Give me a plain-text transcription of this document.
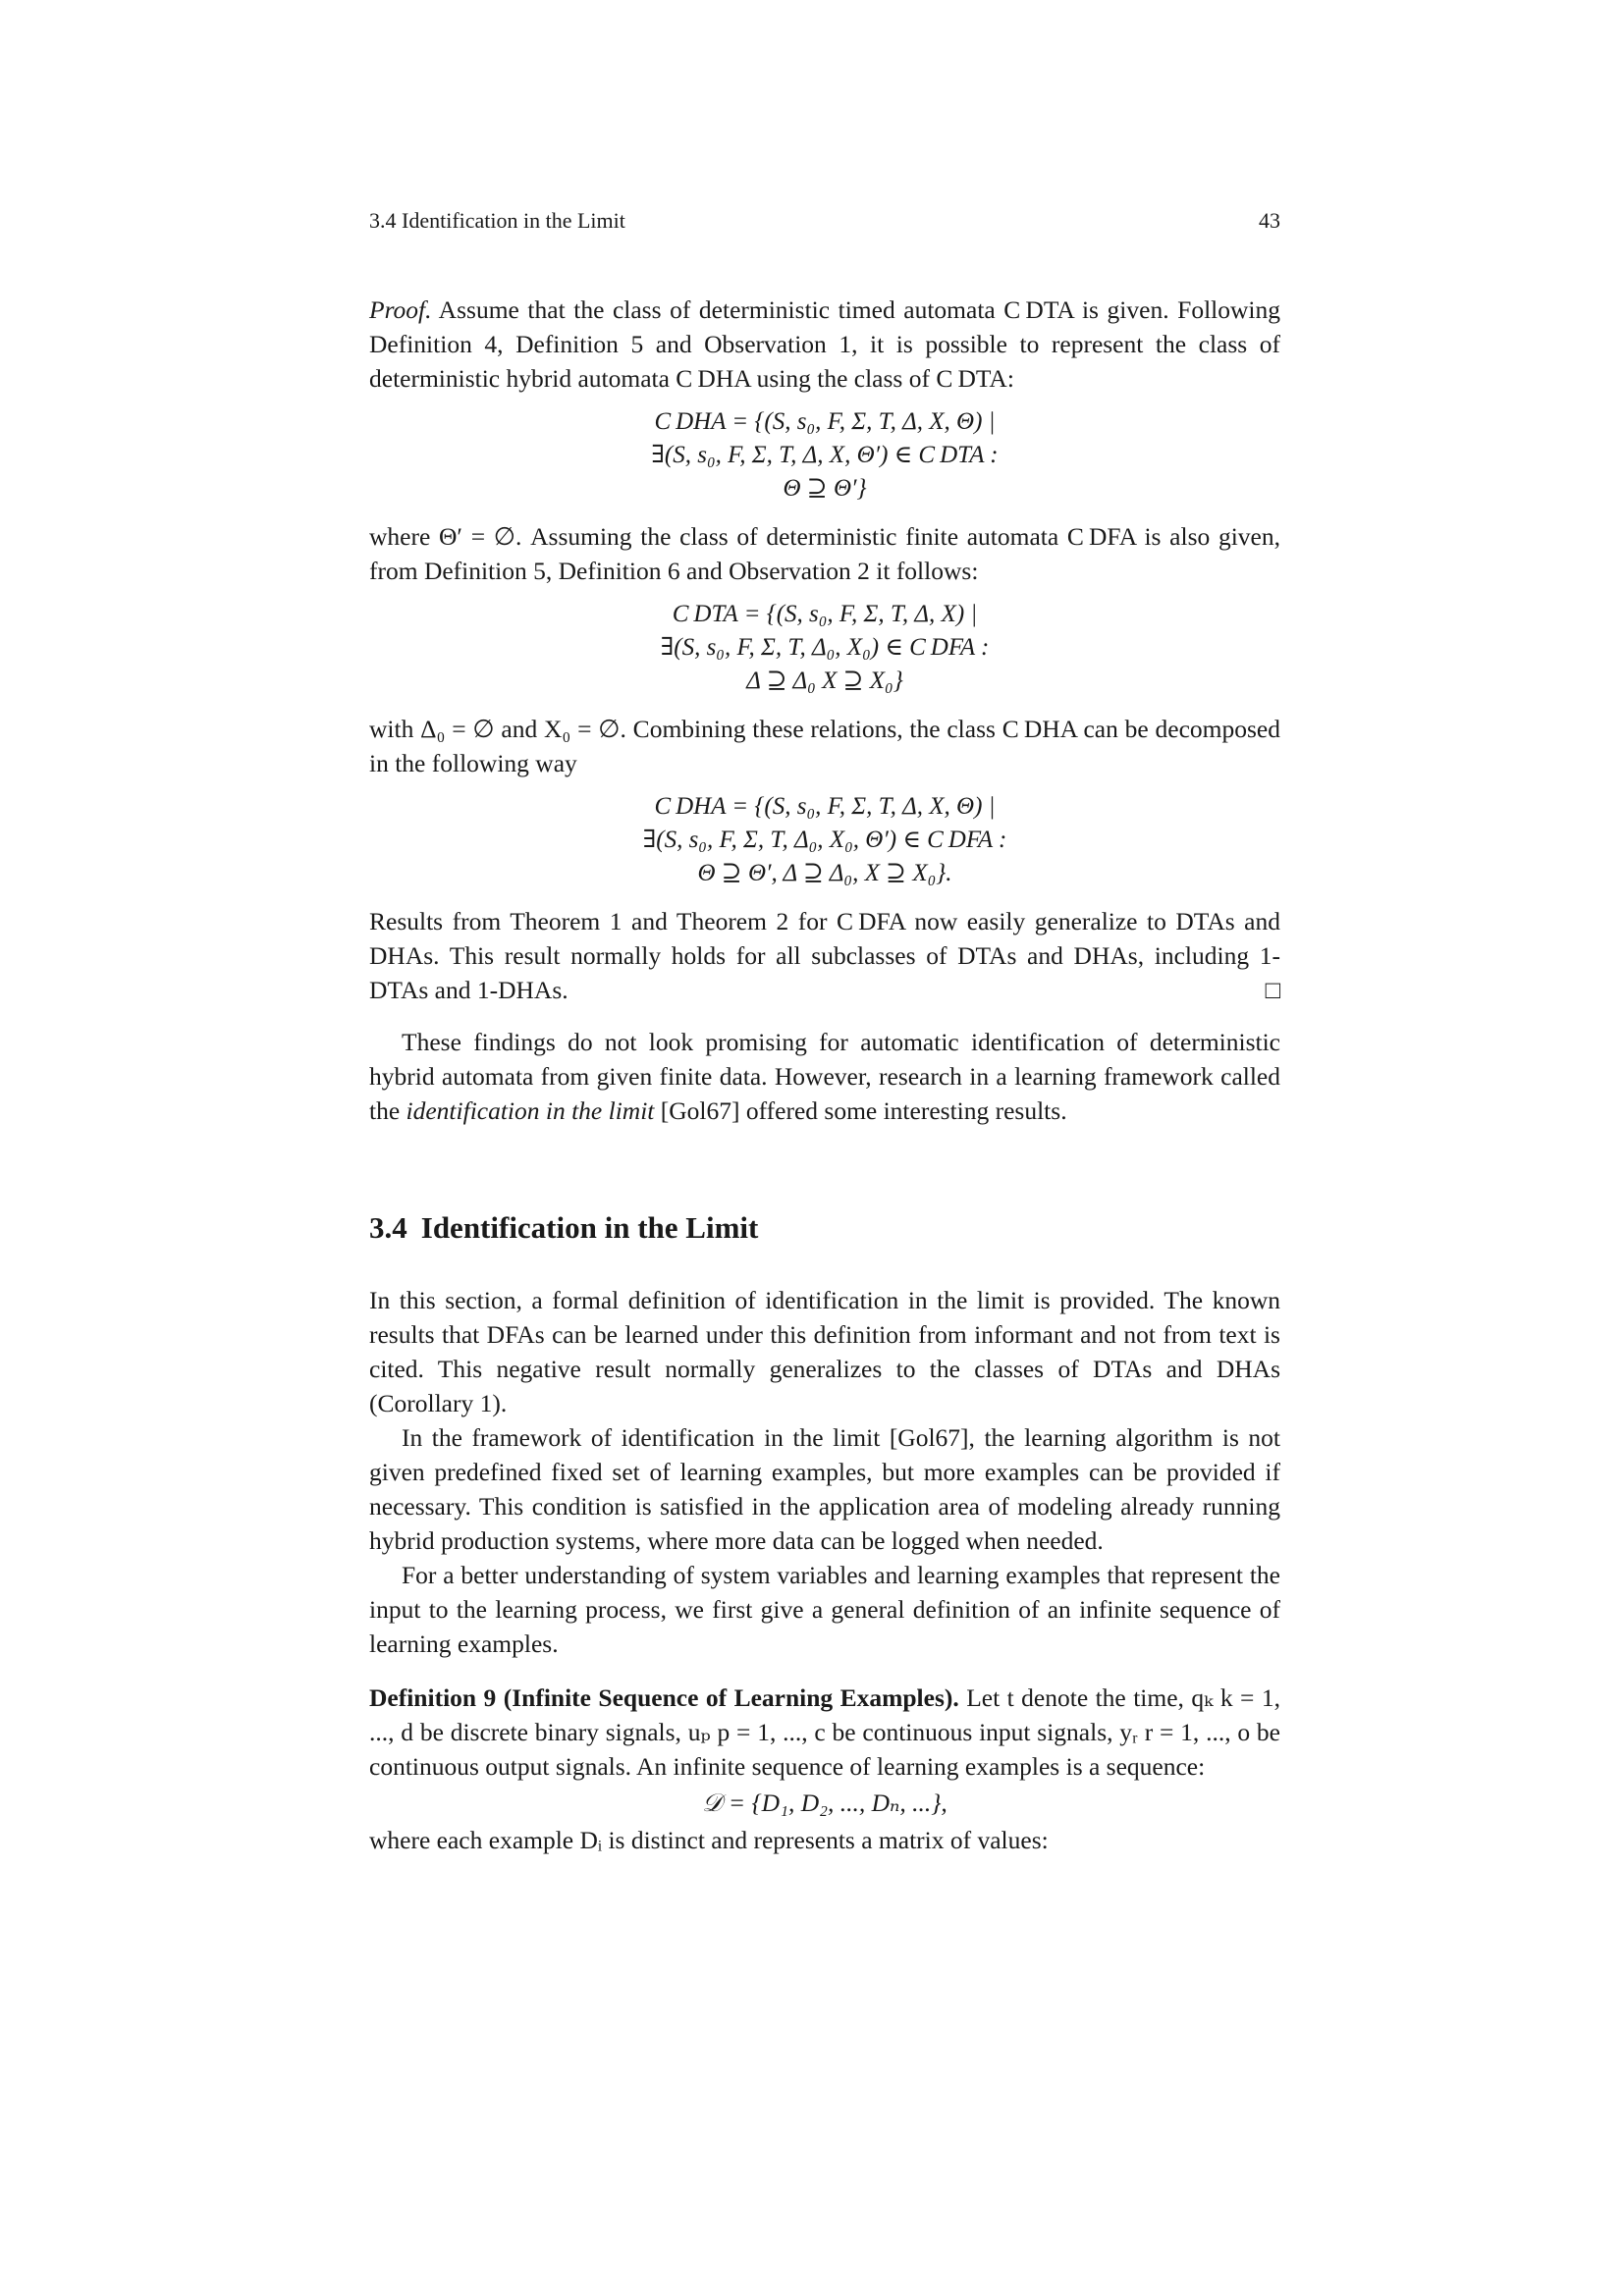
3.4 Identification in the Limit	43

Proof. Assume that the class of deterministic timed automata C DTA is given. Following Definition 4, Definition 5 and Observation 1, it is possible to represent the class of deterministic hybrid automata C DHA using the class of C DTA:

C DHA = {(S, s₀, F, Σ, T, Δ, X, Θ) |
∃(S, s₀, F, Σ, T, Δ, X, Θ′) ∈ C DTA :
Θ ⊇ Θ′}

where Θ′ = ∅. Assuming the class of deterministic finite automata C DFA is also given, from Definition 5, Definition 6 and Observation 2 it follows:

C DTA = {(S, s₀, F, Σ, T, Δ, X) |
∃(S, s₀, F, Σ, T, Δ₀, X₀) ∈ C DFA :
Δ ⊇ Δ₀ X ⊇ X₀}

with Δ₀ = ∅ and X₀ = ∅. Combining these relations, the class C DHA can be decomposed in the following way

C DHA = {(S, s₀, F, Σ, T, Δ, X, Θ) |
∃(S, s₀, F, Σ, T, Δ₀, X₀, Θ′) ∈ C DFA :
Θ ⊇ Θ′, Δ ⊇ Δ₀, X ⊇ X₀}.

Results from Theorem 1 and Theorem 2 for C DFA now easily generalize to DTAs and DHAs. This result normally holds for all subclasses of DTAs and DHAs, including 1-DTAs and 1-DHAs.	□

These findings do not look promising for automatic identification of deterministic hybrid automata from given finite data. However, research in a learning framework called the identification in the limit [Gol67] offered some interesting results.

3.4 Identification in the Limit

In this section, a formal definition of identification in the limit is provided. The known results that DFAs can be learned under this definition from informant and not from text is cited. This negative result normally generalizes to the classes of DTAs and DHAs (Corollary 1).

In the framework of identification in the limit [Gol67], the learning algorithm is not given predefined fixed set of learning examples, but more examples can be provided if necessary. This condition is satisfied in the application area of modeling already running hybrid production systems, where more data can be logged when needed.

For a better understanding of system variables and learning examples that represent the input to the learning process, we first give a general definition of an infinite sequence of learning examples.

Definition 9 (Infinite Sequence of Learning Examples). Let t denote the time, qₖ k = 1, ..., d be discrete binary signals, uₚ p = 1, ..., c be continuous input signals, yᵣ r = 1, ..., o be continuous output signals. An infinite sequence of learning examples is a sequence:

𝒟 = {D₁, D₂, ..., Dₙ, ...},

where each example Dᵢ is distinct and represents a matrix of values:
